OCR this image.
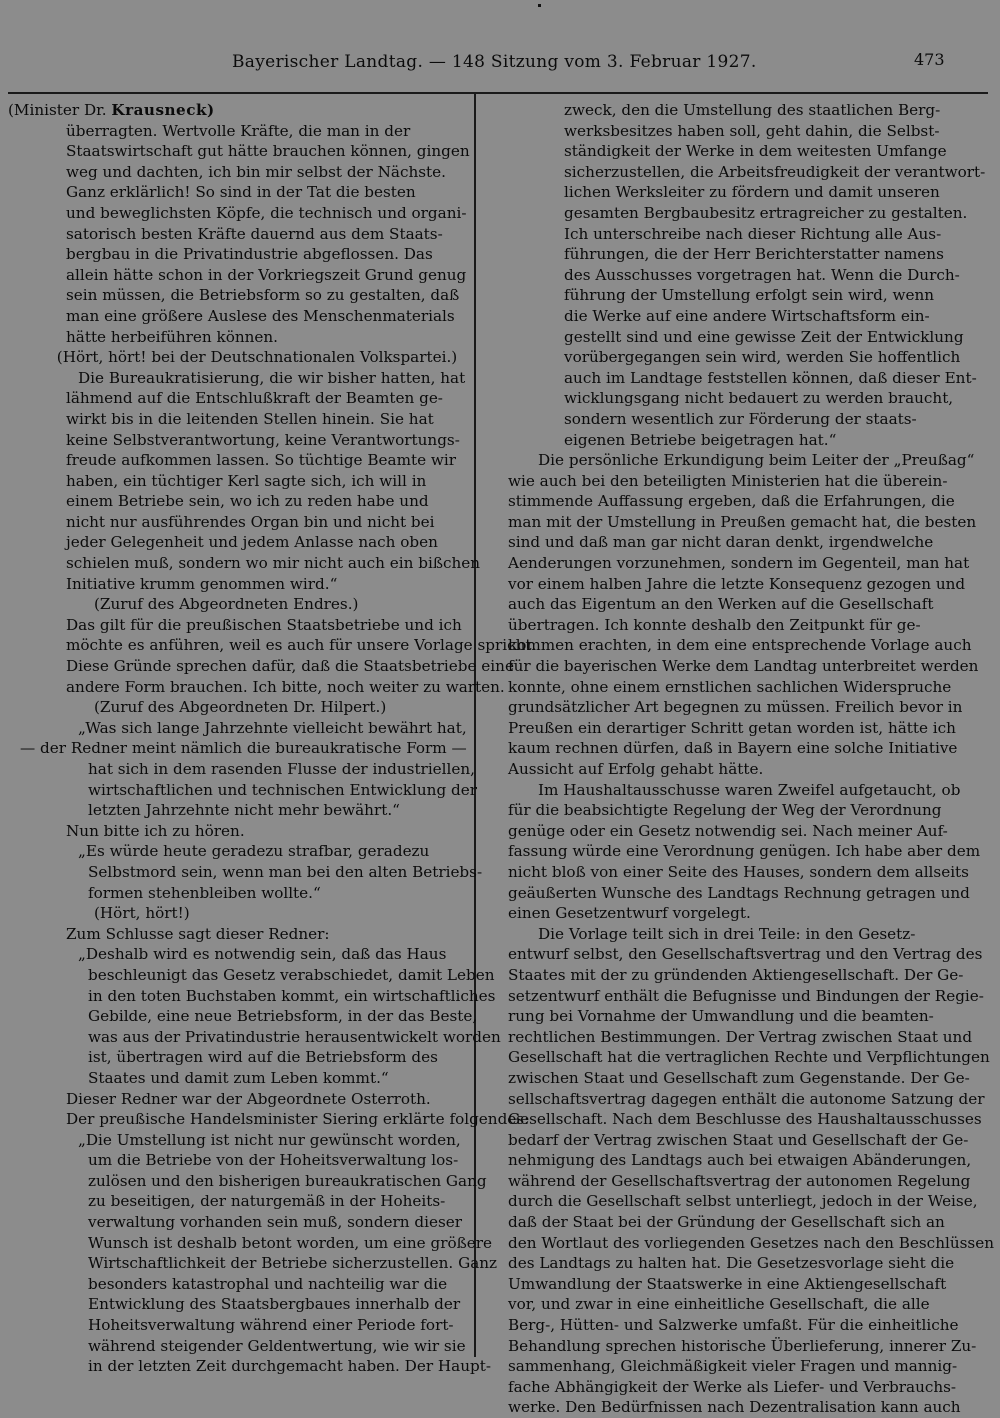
Bayerischer Landtag. — 148 Sitzung vom 3. Februar 1927.	473
(Minister Dr. Krausneck)
überragten. Wertvolle Kräfte, die man in der
Staatswirtschaft gut hätte brauchen können, gingen
weg und dachten, ich bin mir selbst der Nächste.
Ganz erklärlich! So sind in der Tat die besten
und beweglichsten Köpfe, die technisch und organi-
satorisch besten Kräfte dauernd aus dem Staats-
bergbau in die Privatindustrie abgeflossen. Das
allein hätte schon in der Vorkriegszeit Grund genug
sein müssen, die Betriebsform so zu gestalten, daß
man eine größere Auslese des Menschenmaterials
hätte herbeiführen können.
(Hört, hört! bei der Deutschnationalen Volkspartei.)
Die Bureaukratisierung, die wir bisher hatten, hat
lähmend auf die Entschlußkraft der Beamten ge-
wirkt bis in die leitenden Stellen hinein. Sie hat
keine Selbstverantwortung, keine Verantwortungs-
freude aufkommen lassen. So tüchtige Beamte wir
haben, ein tüchtiger Kerl sagte sich, ich will in
einem Betriebe sein, wo ich zu reden habe und
nicht nur ausführendes Organ bin und nicht bei
jeder Gelegenheit und jedem Anlasse nach oben
schielen muß, sondern wo mir nicht auch ein bißchen
Initiative krumm genommen wird.“
(Zuruf des Abgeordneten Endres.)
Das gilt für die preußischen Staatsbetriebe und ich
möchte es anführen, weil es auch für unsere Vorlage spricht.
Diese Gründe sprechen dafür, daß die Staatsbetriebe eine
andere Form brauchen. Ich bitte, noch weiter zu warten.
(Zuruf des Abgeordneten Dr. Hilpert.)
„Was sich lange Jahrzehnte vielleicht bewährt hat,
— der Redner meint nämlich die bureaukratische Form —
hat sich in dem rasenden Flusse der industriellen,
wirtschaftlichen und technischen Entwicklung der
letzten Jahrzehnte nicht mehr bewährt.“
Nun bitte ich zu hören.
„Es würde heute geradezu strafbar, geradezu
Selbstmord sein, wenn man bei den alten Betriebs-
formen stehenbleiben wollte.“
(Hört, hört!)
Zum Schlusse sagt dieser Redner:
„Deshalb wird es notwendig sein, daß das Haus
beschleunigt das Gesetz verabschiedet, damit Leben
in den toten Buchstaben kommt, ein wirtschaftliches
Gebilde, eine neue Betriebsform, in der das Beste,
was aus der Privatindustrie herausentwickelt worden
ist, übertragen wird auf die Betriebsform des
Staates und damit zum Leben kommt.“
Dieser Redner war der Abgeordnete Osterroth.
Der preußische Handelsminister Siering erklärte folgendes:
„Die Umstellung ist nicht nur gewünscht worden,
um die Betriebe von der Hoheitsverwaltung los-
zulösen und den bisherigen bureaukratischen Gang
zu beseitigen, der naturgemäß in der Hoheits-
verwaltung vorhanden sein muß, sondern dieser
Wunsch ist deshalb betont worden, um eine größere
Wirtschaftlichkeit der Betriebe sicherzustellen. Ganz
besonders katastrophal und nachteilig war die
Entwicklung des Staatsbergbaues innerhalb der
Hoheitsverwaltung während einer Periode fort-
während steigender Geldentwertung, wie wir sie
in der letzten Zeit durchgemacht haben. Der Haupt-
zweck, den die Umstellung des staatlichen Berg-
werksbesitzes haben soll, geht dahin, die Selbst-
ständigkeit der Werke in dem weitesten Umfange
sicherzustellen, die Arbeitsfreudigkeit der verantwort-
lichen Werksleiter zu fördern und damit unseren
gesamten Bergbaubesitz ertragreicher zu gestalten.
Ich unterschreibe nach dieser Richtung alle Aus-
führungen, die der Herr Berichterstatter namens
des Ausschusses vorgetragen hat. Wenn die Durch-
führung der Umstellung erfolgt sein wird, wenn
die Werke auf eine andere Wirtschaftsform ein-
gestellt sind und eine gewisse Zeit der Entwicklung
vorübergegangen sein wird, werden Sie hoffentlich
auch im Landtage feststellen können, daß dieser Ent-
wicklungsgang nicht bedauert zu werden braucht,
sondern wesentlich zur Förderung der staats-
eigenen Betriebe beigetragen hat.“
Die persönliche Erkundigung beim Leiter der „Preußag“
wie auch bei den beteiligten Ministerien hat die überein-
stimmende Auffassung ergeben, daß die Erfahrungen, die
man mit der Umstellung in Preußen gemacht hat, die besten
sind und daß man gar nicht daran denkt, irgendwelche
Aenderungen vorzunehmen, sondern im Gegenteil, man hat
vor einem halben Jahre die letzte Konsequenz gezogen und
auch das Eigentum an den Werken auf die Gesellschaft
übertragen. Ich konnte deshalb den Zeitpunkt für ge-
kommen erachten, in dem eine entsprechende Vorlage auch
für die bayerischen Werke dem Landtag unterbreitet werden
konnte, ohne einem ernstlichen sachlichen Widerspruche
grundsätzlicher Art begegnen zu müssen. Freilich bevor in
Preußen ein derartiger Schritt getan worden ist, hätte ich
kaum rechnen dürfen, daß in Bayern eine solche Initiative
Aussicht auf Erfolg gehabt hätte.
Im Haushaltausschusse waren Zweifel aufgetaucht, ob
für die beabsichtigte Regelung der Weg der Verordnung
genüge oder ein Gesetz notwendig sei. Nach meiner Auf-
fassung würde eine Verordnung genügen. Ich habe aber dem
nicht bloß von einer Seite des Hauses, sondern dem allseits
geäußerten Wunsche des Landtags Rechnung getragen und
einen Gesetzentwurf vorgelegt.
Die Vorlage teilt sich in drei Teile: in den Gesetz-
entwurf selbst, den Gesellschaftsvertrag und den Vertrag des
Staates mit der zu gründenden Aktiengesellschaft. Der Ge-
setzentwurf enthält die Befugnisse und Bindungen der Regie-
rung bei Vornahme der Umwandlung und die beamten-
rechtlichen Bestimmungen. Der Vertrag zwischen Staat und
Gesellschaft hat die vertraglichen Rechte und Verpflichtungen
zwischen Staat und Gesellschaft zum Gegenstande. Der Ge-
sellschaftsvertrag dagegen enthält die autonome Satzung der
Gesellschaft. Nach dem Beschlusse des Haushaltausschusses
bedarf der Vertrag zwischen Staat und Gesellschaft der Ge-
nehmigung des Landtags auch bei etwaigen Abänderungen,
während der Gesellschaftsvertrag der autonomen Regelung
durch die Gesellschaft selbst unterliegt, jedoch in der Weise,
daß der Staat bei der Gründung der Gesellschaft sich an
den Wortlaut des vorliegenden Gesetzes nach den Beschlüssen
des Landtags zu halten hat. Die Gesetzesvorlage sieht die
Umwandlung der Staatswerke in eine Aktiengesellschaft
vor, und zwar in eine einheitliche Gesellschaft, die alle
Berg-, Hütten- und Salzwerke umfaßt. Für die einheitliche
Behandlung sprechen historische Überlieferung, innerer Zu-
sammenhang, Gleichmäßigkeit vieler Fragen und mannig-
fache Abhängigkeit der Werke als Liefer- und Verbrauchs-
werke. Den Bedürfnissen nach Dezentralisation kann auch
